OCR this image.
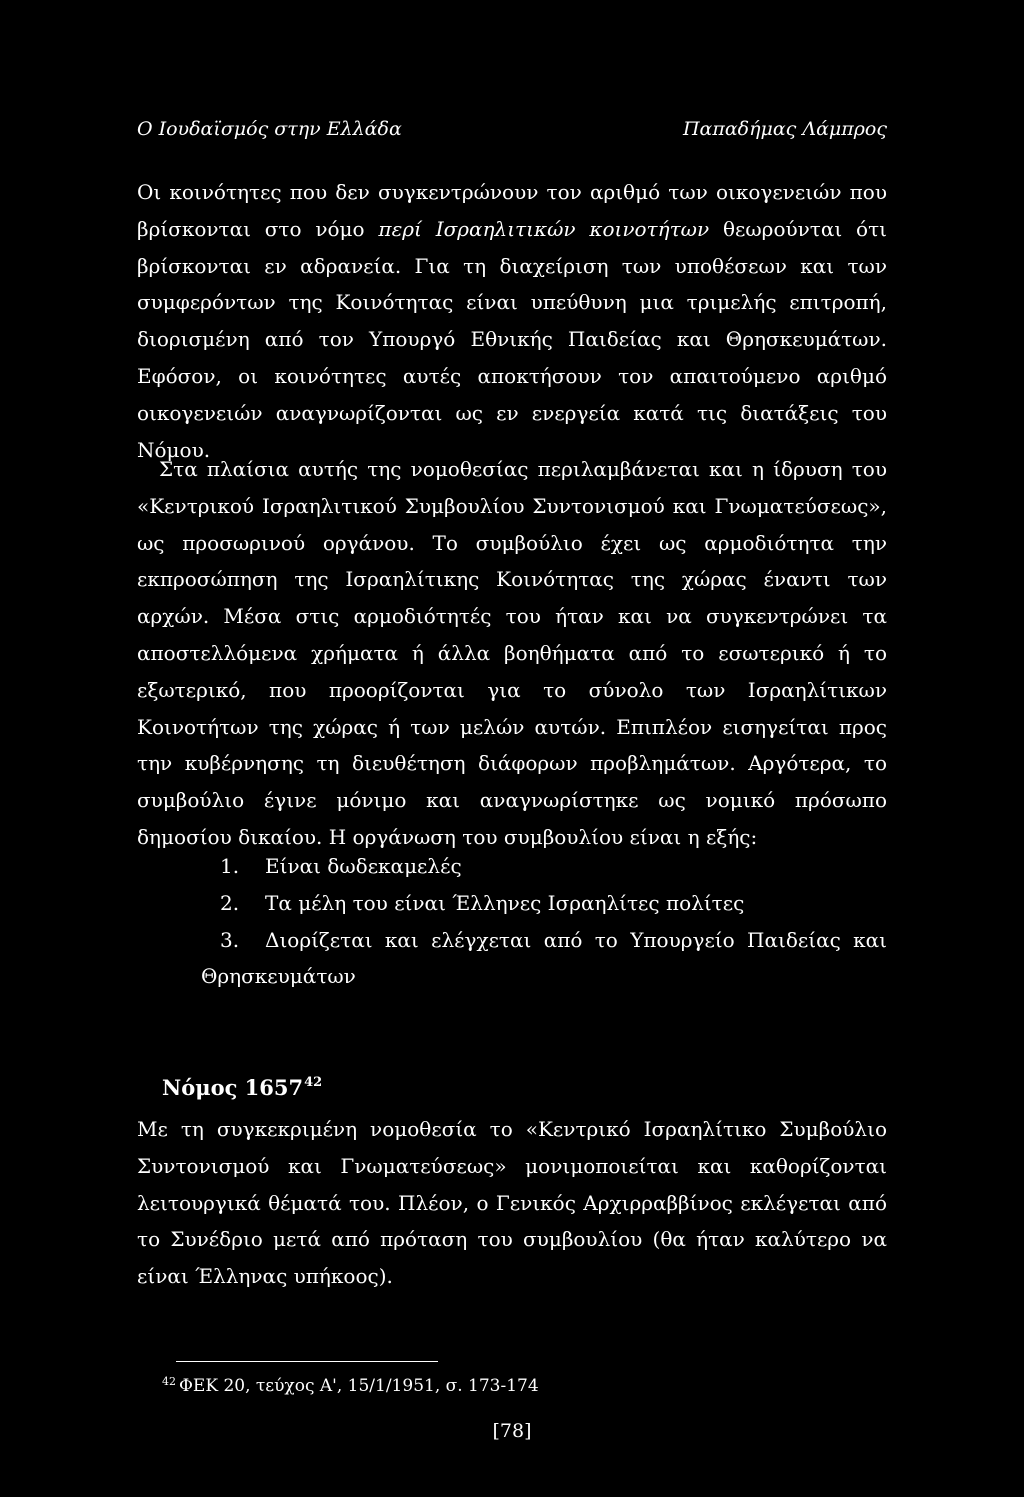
Ο Ιουδαϊσμός στην Ελλάδα	Παπαδήμας Λάμπρος

Οι κοινότητες που δεν συγκεντρώνουν τον αριθμό των οικογενειών που βρίσκονται στο νόμο περί Ισραηλιτικών κοινοτήτων θεωρούνται ότι βρίσκονται εν αδρανεία. Για τη διαχείριση των υποθέσεων και των συμφερόντων της Κοινότητας είναι υπεύθυνη μια τριμελής επιτροπή, διορισμένη από τον Υπουργό Εθνικής Παιδείας και Θρησκευμάτων. Εφόσον, οι κοινότητες αυτές αποκτήσουν τον απαιτούμενο αριθμό οικογενειών αναγνωρίζονται ως εν ενεργεία κατά τις διατάξεις του Νόμου.

Στα πλαίσια αυτής της νομοθεσίας περιλαμβάνεται και η ίδρυση του «Κεντρικού Ισραηλιτικού Συμβουλίου Συντονισμού και Γνωματεύσεως», ως προσωρινού οργάνου. Το συμβούλιο έχει ως αρμοδιότητα την εκπροσώπηση της Ισραηλίτικης Κοινότητας της χώρας έναντι των αρχών. Μέσα στις αρμοδιότητές του ήταν και να συγκεντρώνει τα αποστελλόμενα χρήματα ή άλλα βοηθήματα από το εσωτερικό ή το εξωτερικό, που προορίζονται για το σύνολο των Ισραηλίτικων Κοινοτήτων της χώρας ή των μελών αυτών. Επιπλέον εισηγείται προς την κυβέρνησης τη διευθέτηση διάφορων προβλημάτων. Αργότερα, το συμβούλιο έγινε μόνιμο και αναγνωρίστηκε ως νομικό πρόσωπο δημοσίου δικαίου. Η οργάνωση του συμβουλίου είναι η εξής:

1. Είναι δωδεκαμελές
2. Τα μέλη του είναι Έλληνες Ισραηλίτες πολίτες
3. Διορίζεται και ελέγχεται από το Υπουργείο Παιδείας και
Θρησκευμάτων
Νόμος 1657$^{42}$

Με τη συγκεκριμένη νομοθεσία το «Κεντρικό Ισραηλίτικο Συμβούλιο Συντονισμού και Γνωματεύσεως» μονιμοποιείται και καθορίζονται λειτουργικά θέματά του. Πλέον, ο Γενικός Αρχιρραββίνος εκλέγεται από το Συνέδριο μετά από πρόταση του συμβουλίου (θα ήταν καλύτερο να είναι Έλληνας υπήκοος).

$^{42}$ ΦΕΚ 20, τεύχος Α', 15/1/1951, σ. 173-174
[78]
